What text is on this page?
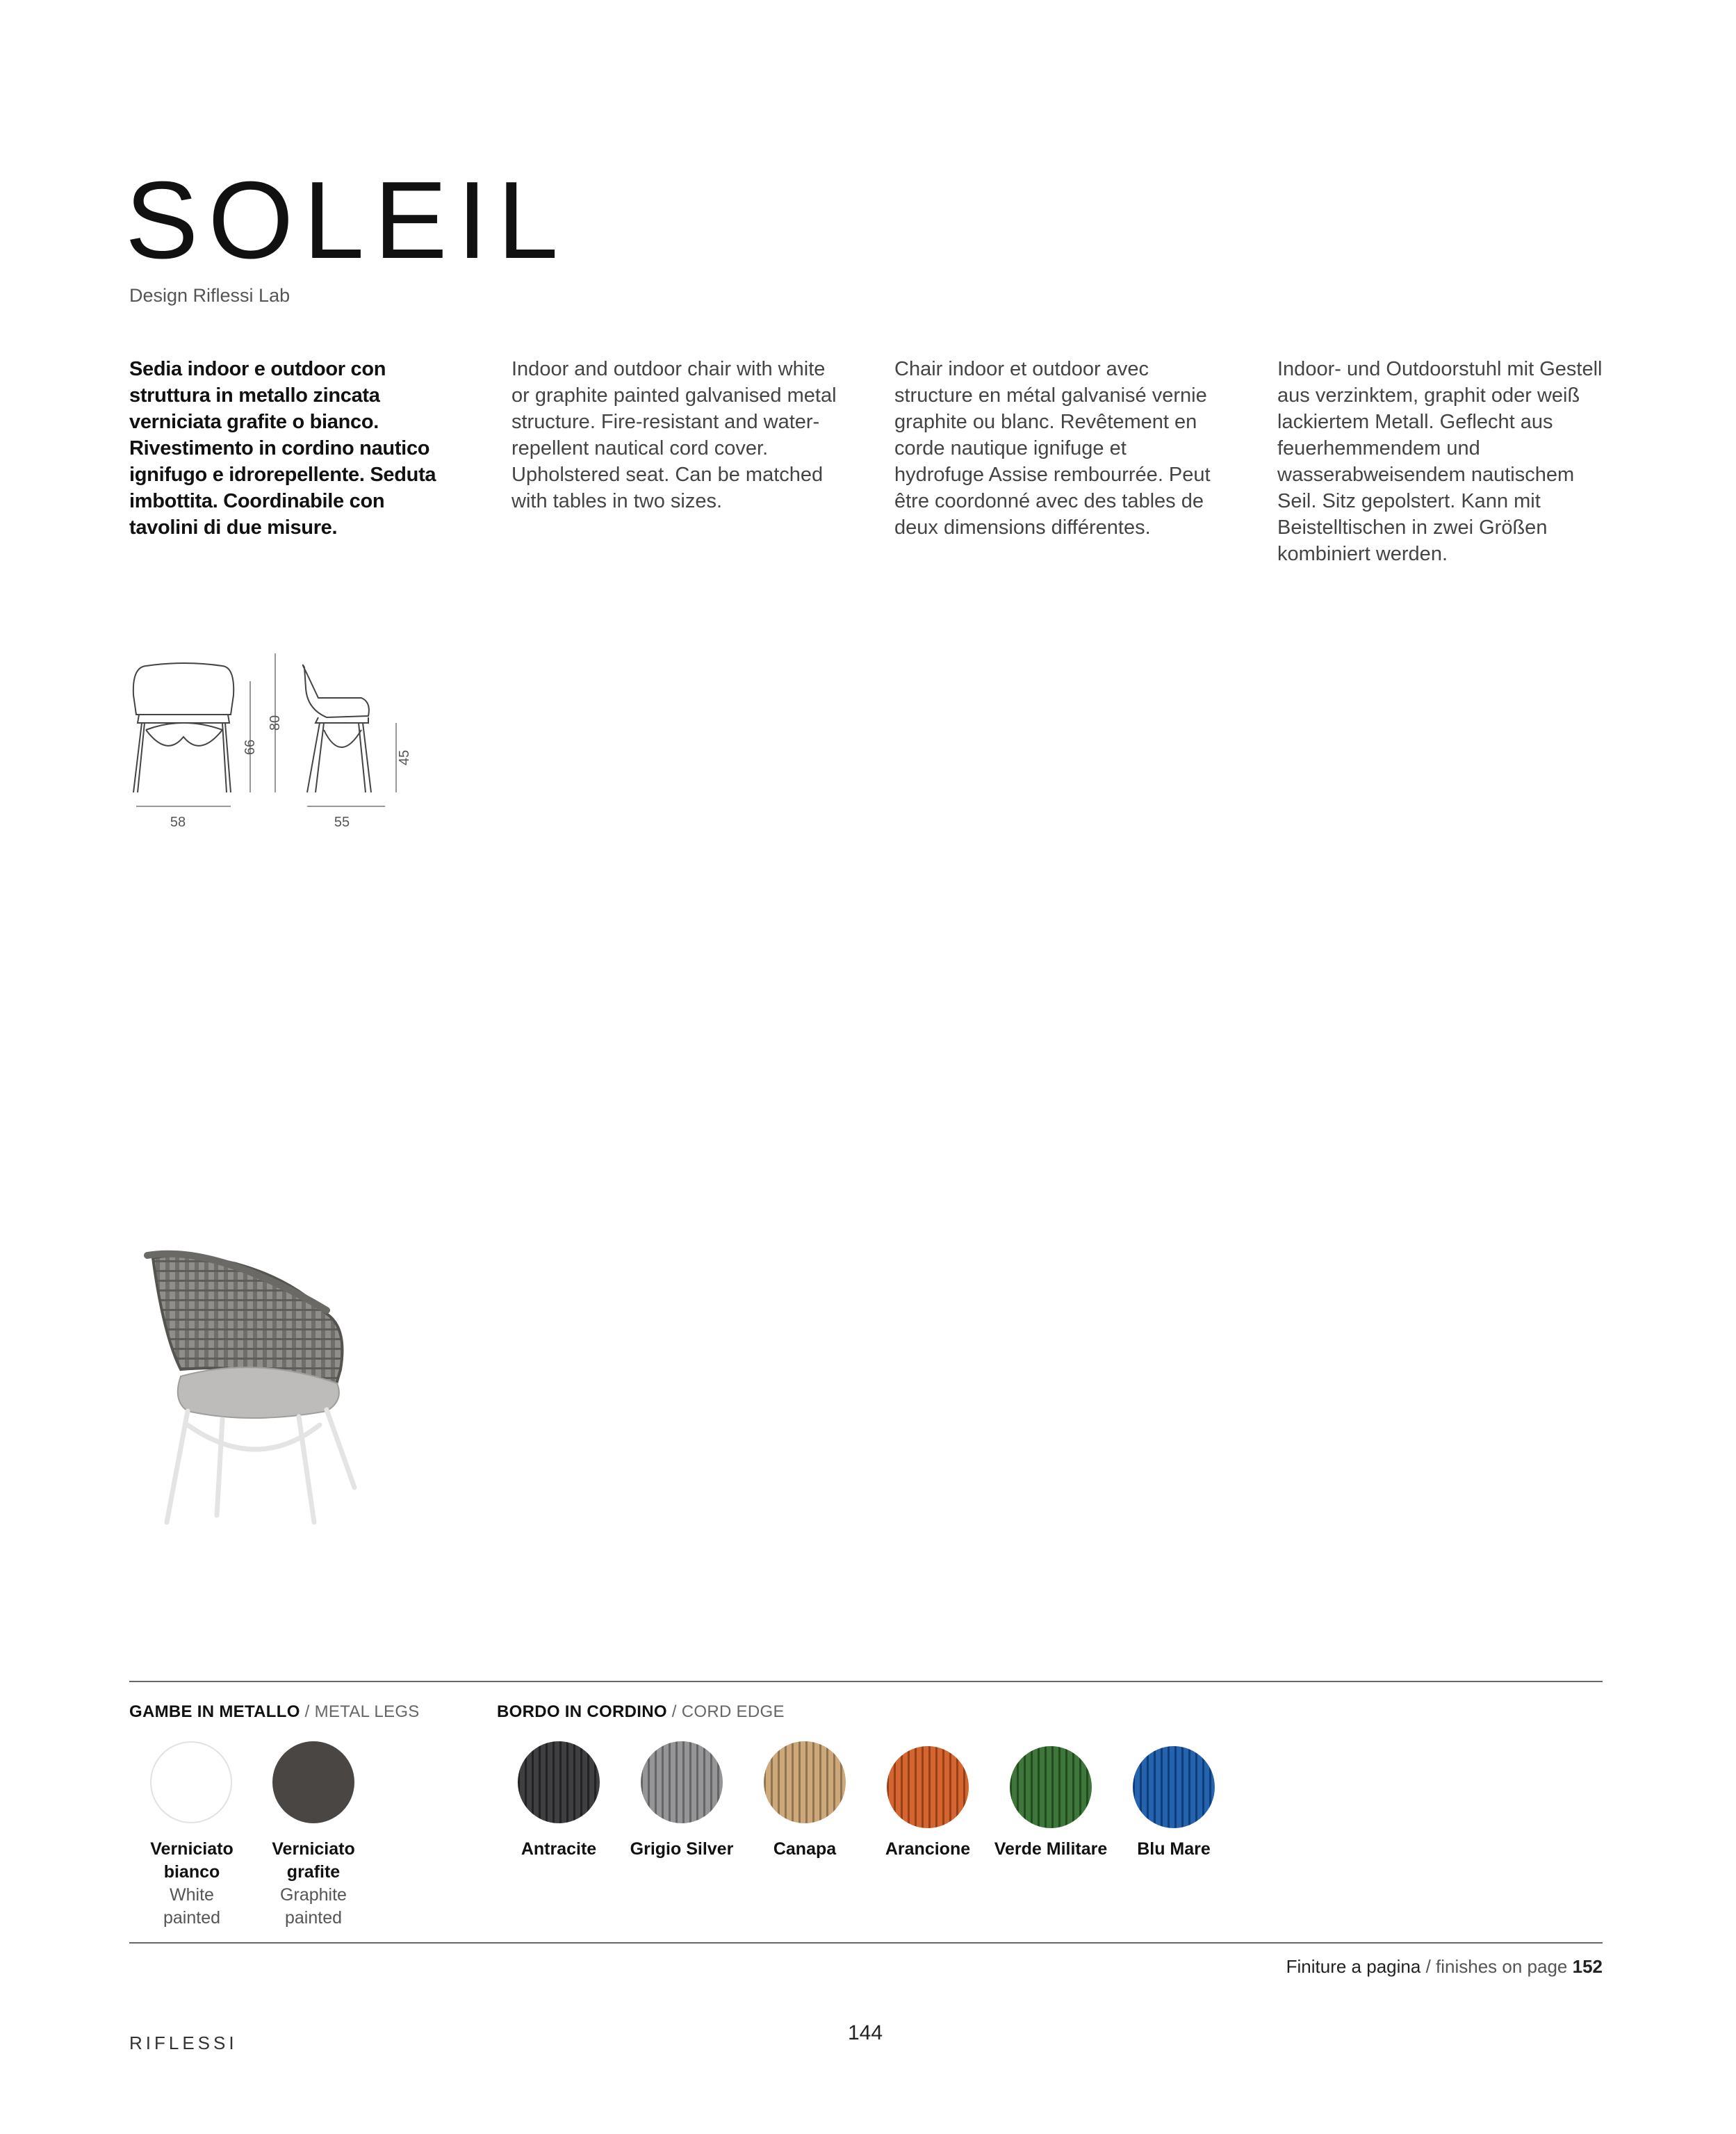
SOLEIL
Design Riflessi Lab
Sedia indoor e outdoor con struttura in metallo zincata verniciata grafite o bianco. Rivestimento in cordino nautico ignifugo e idrorepellente. Seduta imbottita. Coordinabile con tavolini di due misure.
Indoor and outdoor chair with white or graphite painted galvanised metal structure. Fire-resistant and water-repellent nautical cord cover. Upholstered seat. Can be matched with tables in two sizes.
Chair indoor et outdoor avec structure en métal galvanisé vernie graphite ou blanc. Revêtement en corde nautique ignifuge et hydrofuge Assise rembourrée. Peut être coordonné avec des tables de deux dimensions différentes.
Indoor- und Outdoorstuhl mit Gestell aus verzinktem, graphit oder weiß lackiertem Metall. Geflecht aus feuerhemmendem und wasserabweisendem nautischem Seil. Sitz gepolstert. Kann mit Beistelltischen in zwei Größen kombiniert werden.
66
80
45
58	55
GAMBE IN METALLO / METAL LEGS	BORDO IN CORDINO / CORD EDGE
Verniciato
bianco
White
painted
Verniciato
grafite
Graphite
painted
Antracite	Grigio Silver	Canapa	Arancione	Verde Militare	Blu Mare
Finiture a pagina / finishes on page 152
RIFLESSI	144
